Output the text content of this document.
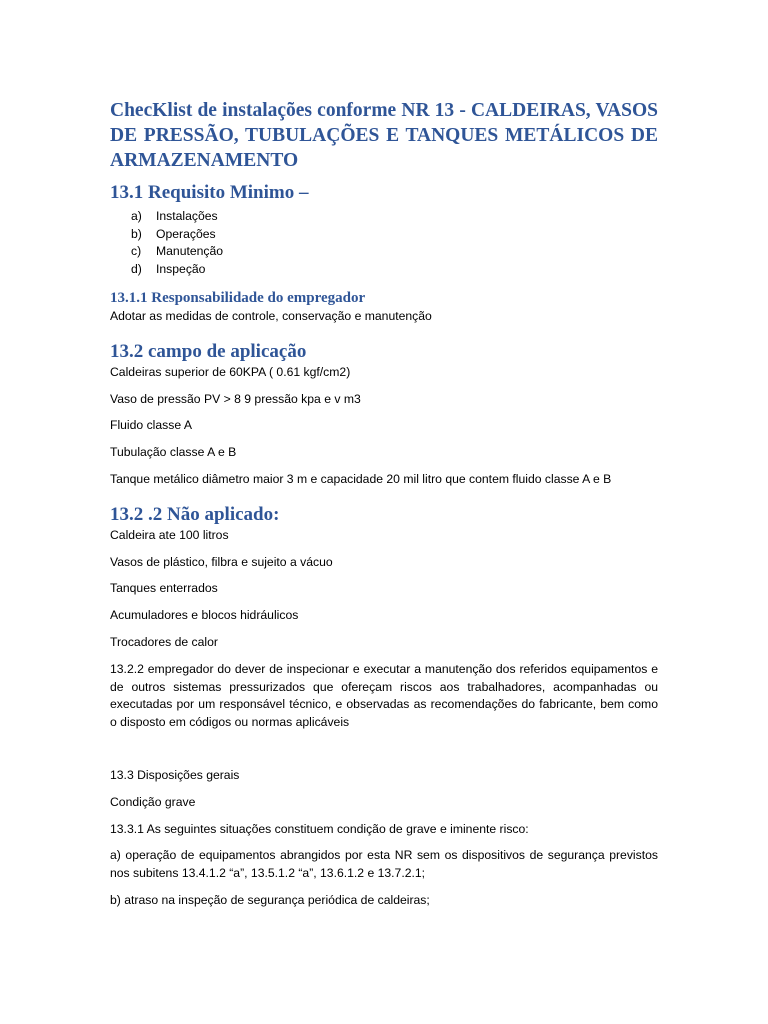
ChecKlist de instalações conforme NR 13 - CALDEIRAS, VASOS DE PRESSÃO, TUBULAÇÕES E TANQUES METÁLICOS DE ARMAZENAMENTO
13.1 Requisito Minimo –
a)	Instalações
b)	Operações
c)	Manutenção
d)	Inspeção
13.1.1 Responsabilidade do empregador

Adotar as medidas de controle, conservação e manutenção

13.2 campo de aplicação

Caldeiras superior de 60KPA ( 0.61 kgf/cm2)

Vaso de pressão PV > 8 9 pressão kpa e v m3

Fluido classe A

Tubulação classe A e B

Tanque metálico diâmetro maior 3 m e capacidade 20 mil litro que contem fluido classe A e B

13.2 .2 Não aplicado:

Caldeira ate 100 litros

Vasos de plástico, filbra e sujeito a vácuo

Tanques enterrados

Acumuladores e blocos hidráulicos

Trocadores de calor

13.2.2 empregador do dever de inspecionar e executar a manutenção dos referidos equipamentos e de outros sistemas pressurizados que ofereçam riscos aos trabalhadores, acompanhadas ou executadas por um responsável técnico, e observadas as recomendações do fabricante, bem como o disposto em códigos ou normas aplicáveis

13.3 Disposições gerais

Condição grave

13.3.1 As seguintes situações constituem condição de grave e iminente risco:

a) operação de equipamentos abrangidos por esta NR sem os dispositivos de segurança previstos nos subitens 13.4.1.2 “a”, 13.5.1.2 “a”, 13.6.1.2 e 13.7.2.1;

b) atraso na inspeção de segurança periódica de caldeiras;
